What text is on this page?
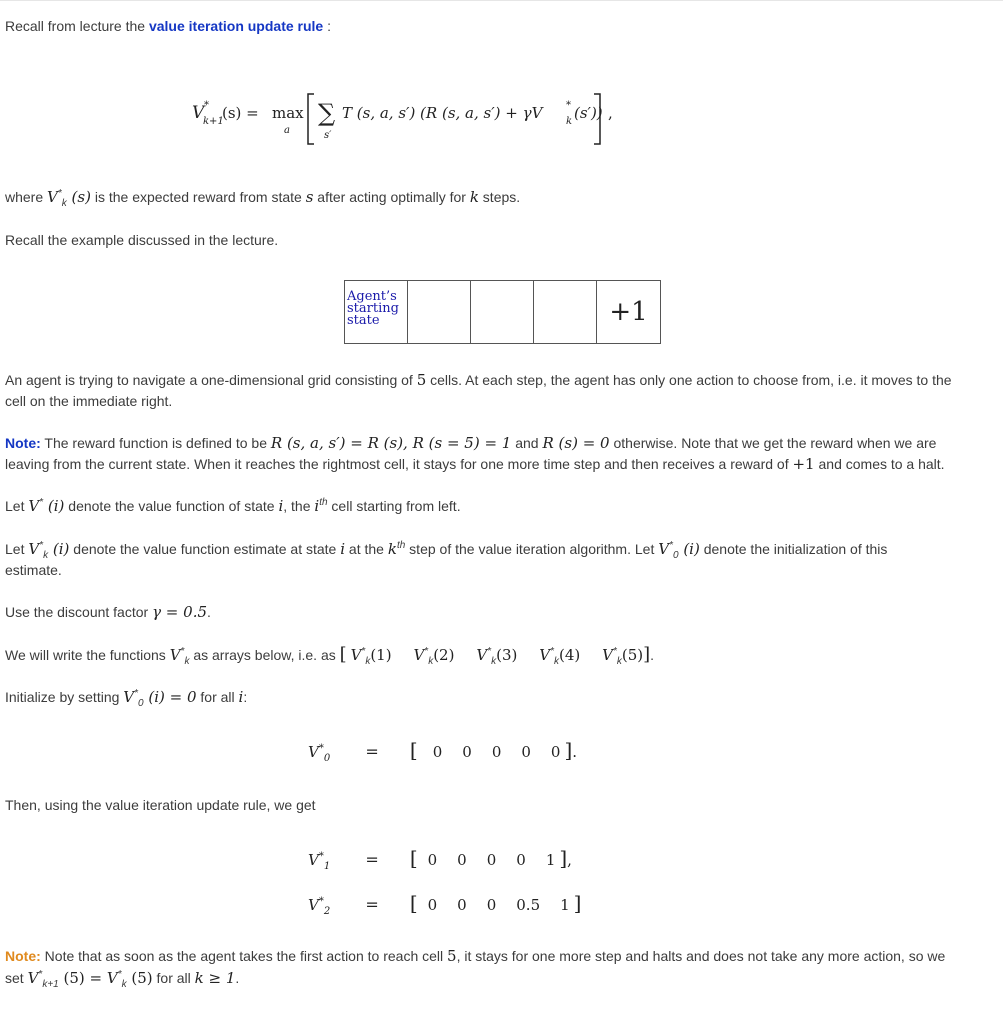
Recall from lecture the value iteration update rule :

V *
k+1
(s) = max
a
∑
s′
T (s, a, s′) (R (s, a, s′) + γV *
k (s′)) ,

where $V^*_k$ (s) is the expected reward from state s after acting optimally for k steps.

Recall the example discussed in the lecture.

Agent’s starting state	+1

An agent is trying to navigate a one-dimensional grid consisting of 5 cells. At each step, the agent has only one action to choose from, i.e. it moves to the

cell on the immediate right.

Note: The reward function is defined to be R (s, a, s′) = R (s), R (s = 5) = 1 and R (s) = 0 otherwise. Note that we get the reward when we are

leaving from the current state. When it reaches the rightmost cell, it stays for one more time step and then receives a reward of +1 and comes to a halt.

Let V* (i) denote the value function of state i, the $i^{th}$ cell starting from left.

Let $V^*_k$ (i) denote the value function estimate at state i at the $k^{th}$ step of the value iteration algorithm. Let $V^*_0$ (i) denote the initialization of this

estimate.

Use the discount factor γ = 0.5.

We will write the functions $V^*_k$ as arrays below, i.e. as [ $V^*_k(1)$ $V^*_k(2)$ $V^*_k(3)$ $V^*_k(4)$ $V^*_k(5)$].

Initialize by setting $V^*_0$ (i) = 0 for all i:

$V^*_0$ = [ 0 0 0 0 0 ].

Then, using the value iteration update rule, we get

$V^*_1$ = [ 0 0 0 0 1 ],
$V^*_2$ = [ 0 0 0 0.5 1 ]

Note: Note that as soon as the agent takes the first action to reach cell 5, it stays for one more step and halts and does not take any more action, so we

set $V^*_{k+1}$ $(5) = V^*_k$ (5) for all k ≥ 1.
